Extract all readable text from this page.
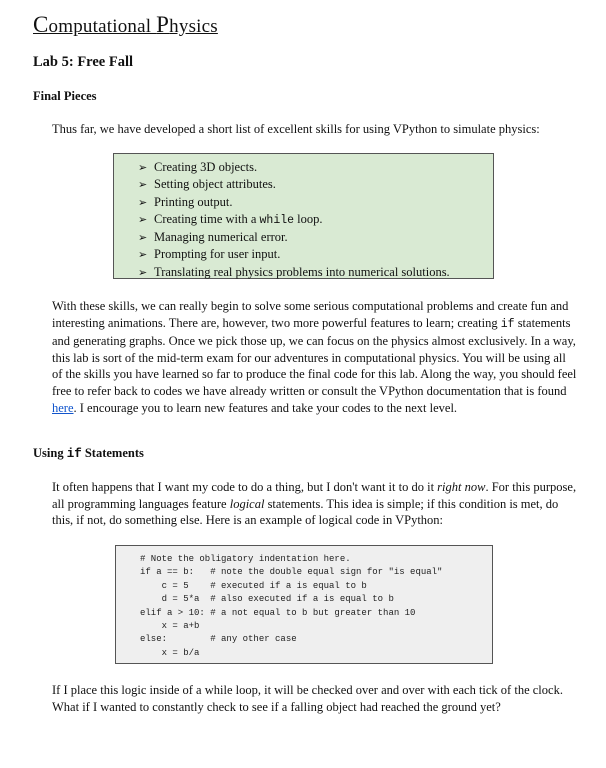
Computational Physics
Lab 5: Free Fall
Final Pieces
Thus far, we have developed a short list of excellent skills for using VPython to simulate physics:
➢ Creating 3D objects.
➢ Setting object attributes.
➢ Printing output.
➢ Creating time with a while loop.
➢ Managing numerical error.
➢ Prompting for user input.
➢ Translating real physics problems into numerical solutions.
With these skills, we can really begin to solve some serious computational problems and create fun and interesting animations. There are, however, two more powerful features to learn; creating if statements and generating graphs. Once we pick those up, we can focus on the physics almost exclusively. In a way, this lab is sort of the mid-term exam for our adventures in computational physics. You will be using all of the skills you have learned so far to produce the final code for this lab. Along the way, you should feel free to refer back to codes we have already written or consult the VPython documentation that is found here. I encourage you to learn new features and take your codes to the next level.
Using if Statements
It often happens that I want my code to do a thing, but I don't want it to do it right now. For this purpose, all programming languages feature logical statements. This idea is simple; if this condition is met, do this, if not, do something else. Here is an example of logical code in VPython:
# Note the obligatory indentation here.
if a == b:   # note the double equal sign for "is equal"
c = 5    # executed if a is equal to b
d = 5*a  # also executed if a is equal to b
elif a > 10: # a not equal to b but greater than 10
x = a+b
else:        # any other case
x = b/a
If I place this logic inside of a while loop, it will be checked over and over with each tick of the clock. What if I wanted to constantly check to see if a falling object had reached the ground yet?
